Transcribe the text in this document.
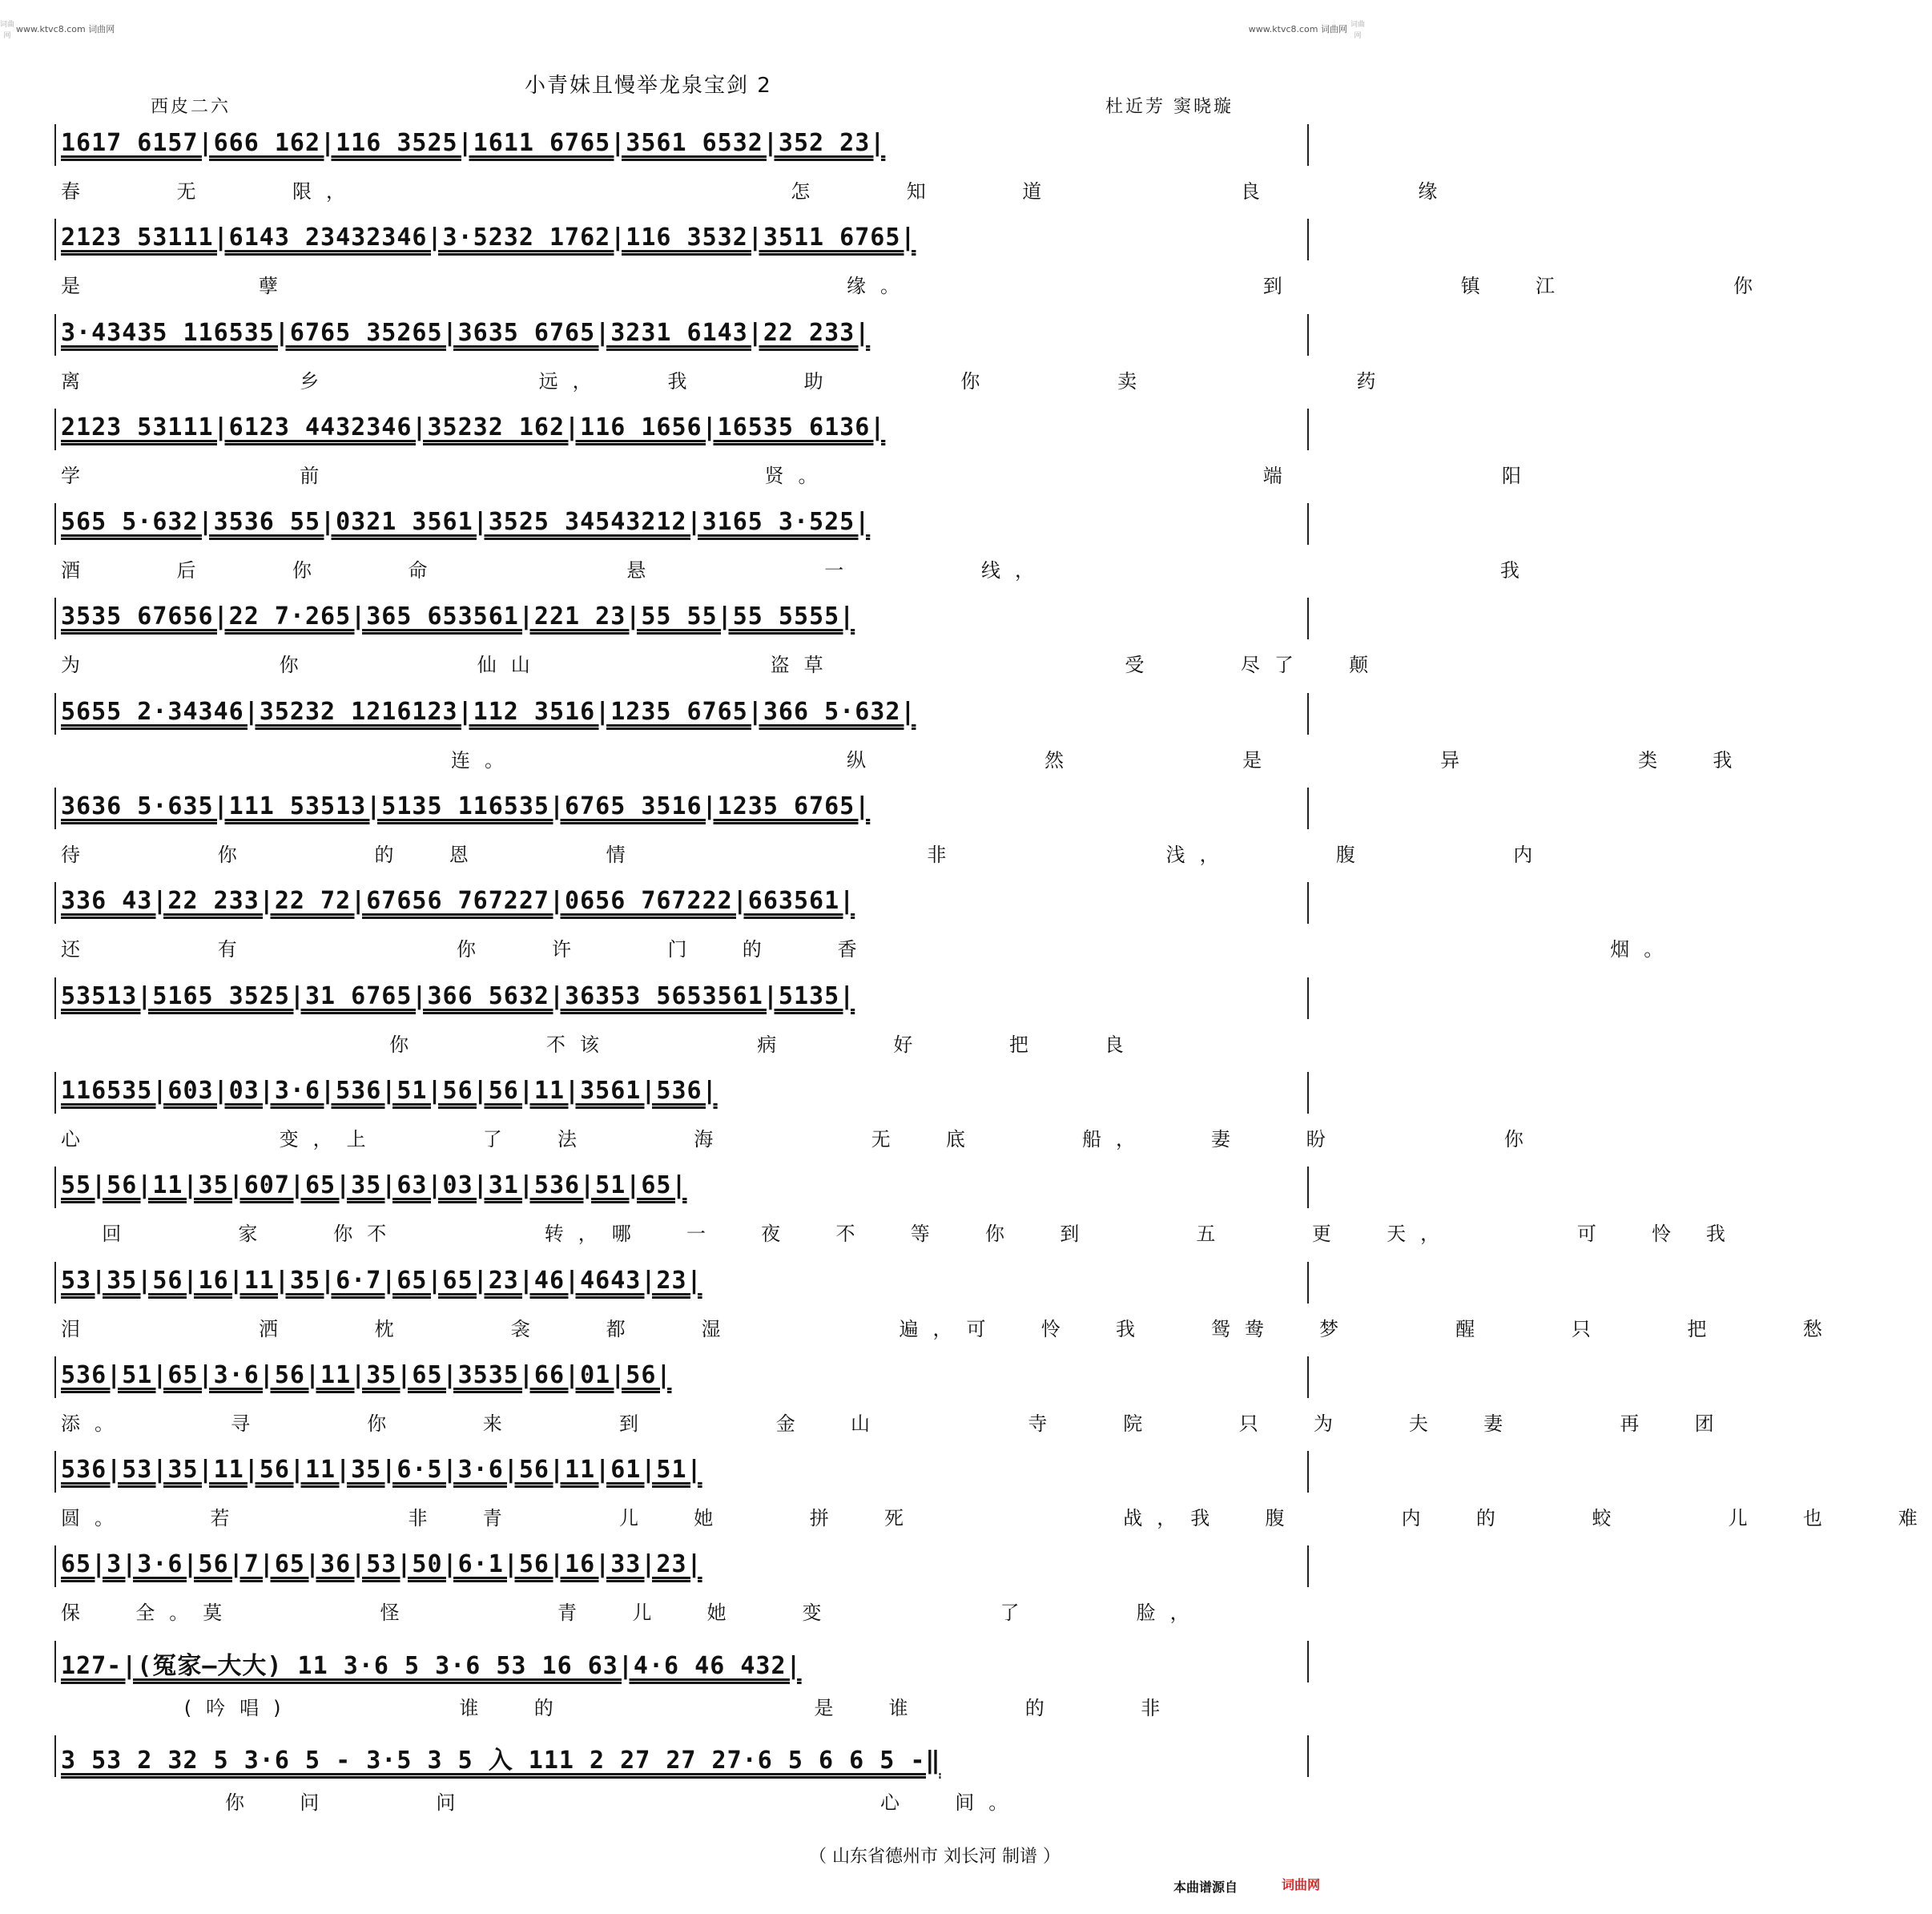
词曲网
词曲网
www.ktvc8.com 词曲网	www.ktvc8.com 词曲网
小青妹且慢举龙泉宝剑 2
西皮二六	杜近芳 窦晓璇
1617 6157|666 162|116 3525|1611 6765|3561 6532|352 23|
春    无    限，                     怎    知    道         良       缘
2123 53111|6143 23432346|3·5232 1762|116 3532|3511 6765|
是        孽                           缘。                 到        镇  江        你
3·43435 116535|6765 35265|3635 6765|3231 6143|22 233|
离          乡          远，   我     助      你      卖          药
2123 53111|6123 4432346|35232 162|116 1656|16535 6136|
学          前                     贤。                     端          阳
565 5·632|3536 55|0321 3561|3525 34543212|3165 3·525|
酒    后    你    命         悬        一      线，                      我
3535 67656|22 7·265|365 653561|221 23|55 55|55 5555|
为         你        仙山           盗草              受    尽了  颠
5655 2·34346|35232 1216123|112 3516|1235 6765|366 5·632|
连。                纵        然        是        异        类  我
3636 5·635|111 53513|5135 116535|6765 3516|1235 6765|
待      你      的  恩      情              非          浅，     腹       内
336 43|22 233|22 72|67656 767227|0656 767222|663561|
还      有          你   许    门  的   香                                    烟。
53513|5165 3525|31 6765|366 5632|36353 5653561|5135|
你      不该       病     好    把   良
116535|603|03|3·6|536|51|56|56|11|3561|536|
心         变，上     了  法     海       无  底     船，   妻   盼        你
55|56|11|35|607|65|35|63|03|31|536|51|65|
回     家   你不       转，哪  一  夜  不  等  你  到     五    更  天，      可  怜 我
53|35|56|16|11|35|6·7|65|65|23|46|4643|23|
泪        洒    枕     衾   都   湿        遍，可  怜  我   鸳鸯  梦     醒    只    把    愁
536|51|65|3·6|56|11|35|65|3535|66|01|56|
添。     寻     你    来     到      金  山       寺   院    只  为   夫  妻     再  团
536|53|35|11|56|11|35|6·5|3·6|56|11|61|51|
圆。    若        非  青     儿  她    拼  死          战，我  腹     内  的    蛟     儿  也   难
65|3|3·6|56|7|65|36|53|50|6·1|56|16|33|23|
保  全。莫       怪       青  儿  她   变        了     脸，
127-|(冤家—大大) 11 3·6 5 3·6 53 16 63|4·6 46 432|
(吟唱)        谁  的            是  谁     的    非
3 53 2 32 5 3·6 5 - 3·5 3 5 入 111 2 27 27 27·6 5 6 6 5 -‖
你  问     问                    心  间。
（ 山东省德州市 刘长河 制谱 ）
本曲谱源自	词曲网
